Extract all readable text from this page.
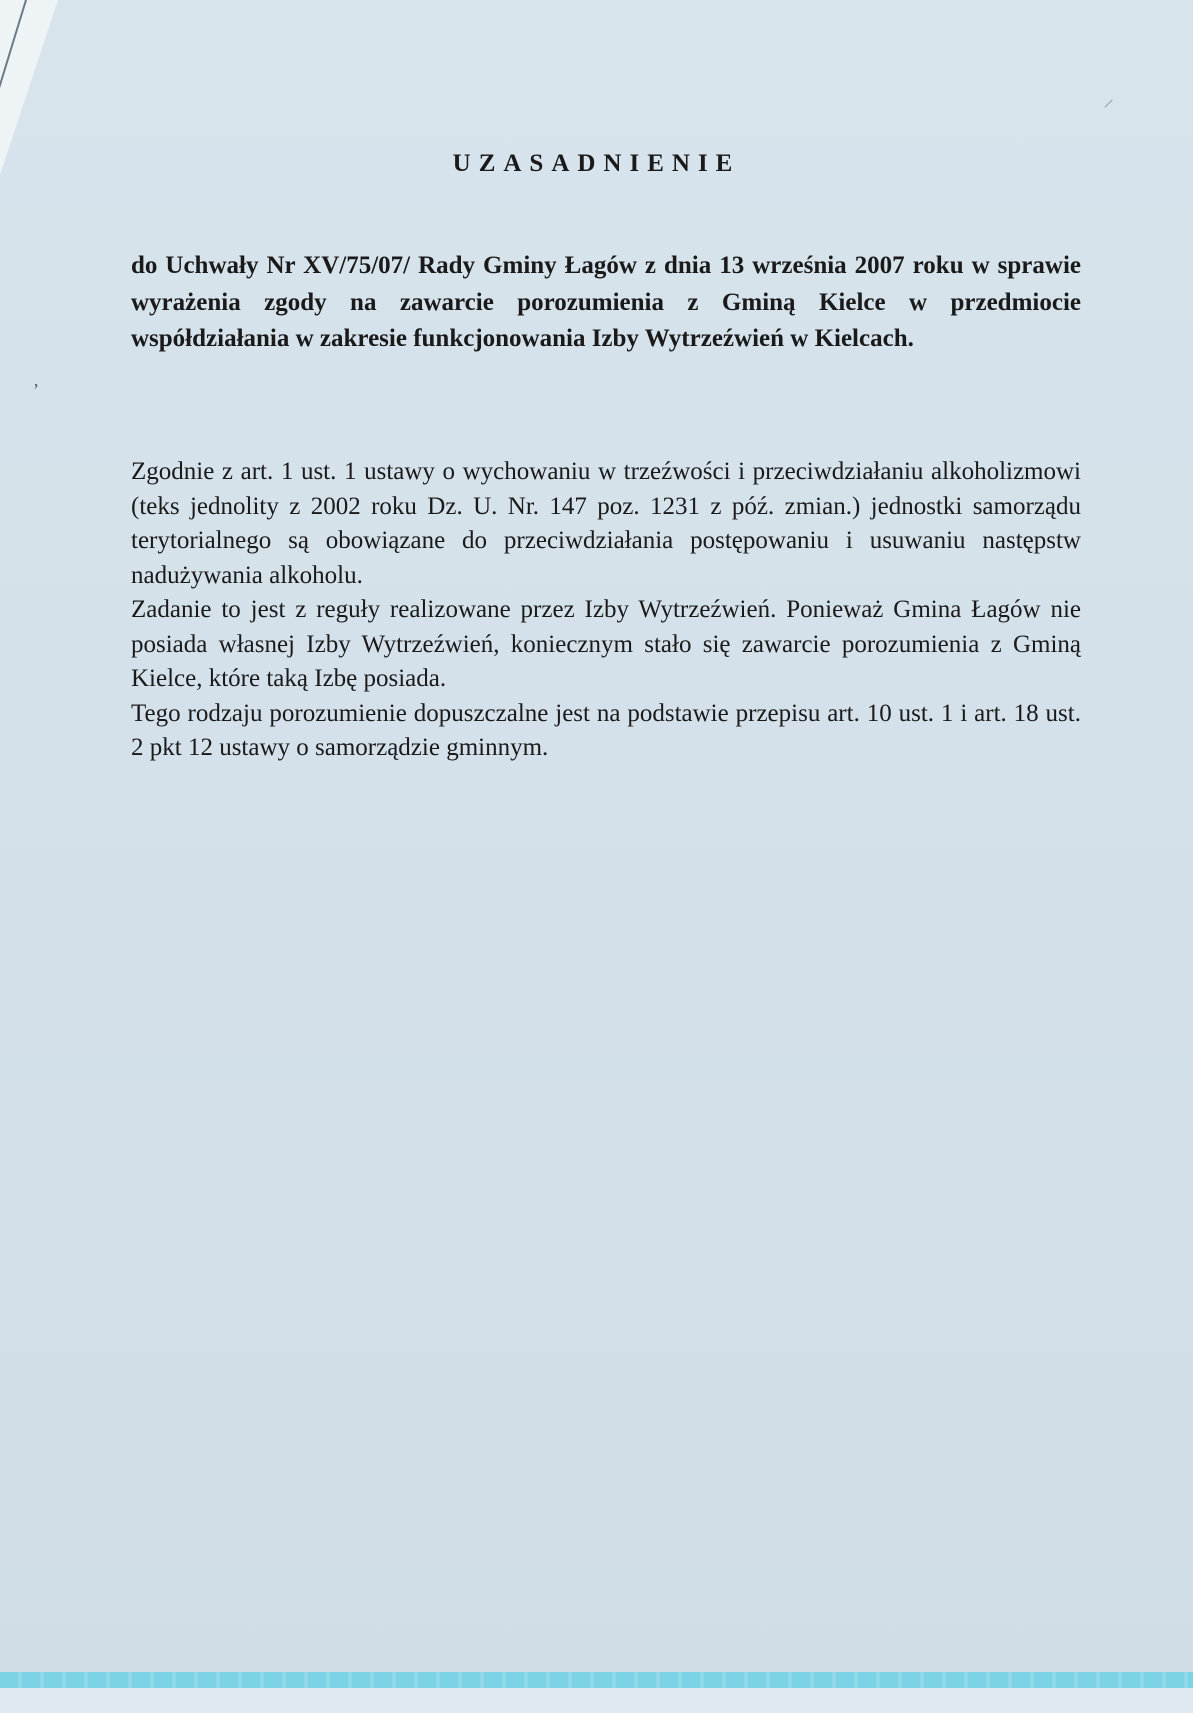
⸝
ʼ
UZASADNIENIE
do Uchwały Nr XV/75/07/ Rady Gminy Łagów z dnia 13 września 2007 roku w sprawie wyrażenia zgody na zawarcie porozumienia z Gminą Kielce w przedmiocie współdziałania w zakresie funkcjonowania Izby Wytrzeźwień w Kielcach.

Zgodnie z art. 1 ust. 1 ustawy o wychowaniu w trzeźwości i przeciwdziałaniu alkoholizmowi (teks jednolity z 2002 roku Dz. U. Nr. 147 poz. 1231 z póź. zmian.) jednostki samorządu terytorialnego są obowiązane do przeciwdziałania postępowaniu i usuwaniu następstw nadużywania alkoholu.

Zadanie to jest z reguły realizowane przez Izby Wytrzeźwień. Ponieważ Gmina Łagów nie posiada własnej Izby Wytrzeźwień, koniecznym stało się zawarcie porozumienia z Gminą Kielce, które taką Izbę posiada.

Tego rodzaju porozumienie dopuszczalne jest na podstawie przepisu art. 10 ust. 1 i art. 18 ust. 2 pkt 12 ustawy o samorządzie gminnym.
